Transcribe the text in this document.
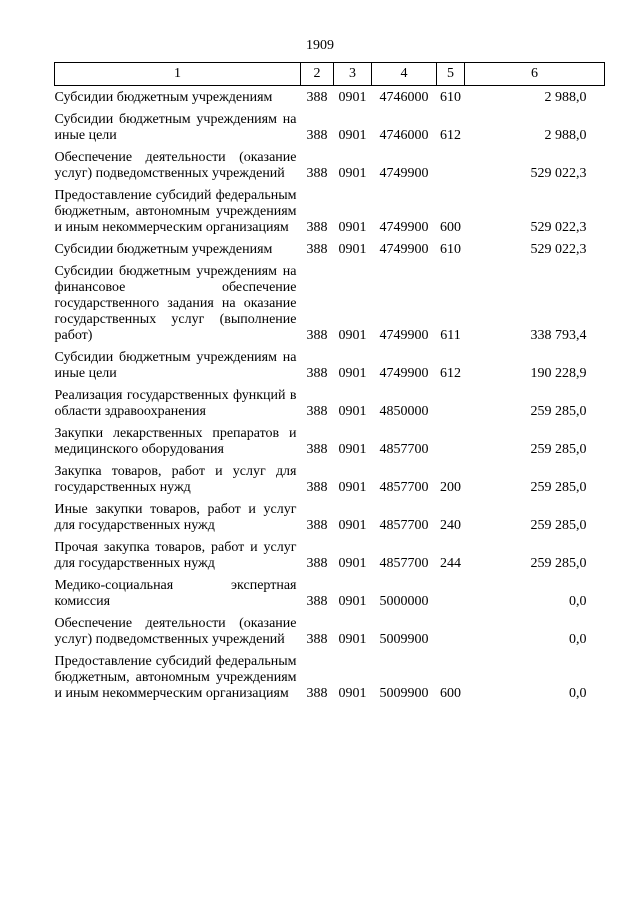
1909
1	2	3	4	5	6
Субсидии бюджетным учреждениям	388	0901	4746000	610	2 988,0
Субсидии бюджетным учреждениям на иные цели	388	0901	4746000	612	2 988,0
Обеспечение деятельности (оказание услуг) подведомственных учреждений	388	0901	4749900		529 022,3
Предоставление субсидий федеральным бюджетным, автономным учреждениям и иным некоммерческим организациям	388	0901	4749900	600	529 022,3
Субсидии бюджетным учреждениям	388	0901	4749900	610	529 022,3
Субсидии бюджетным учреждениям на финансовое обеспечение государственного задания на оказание государственных услуг (выполнение работ)	388	0901	4749900	611	338 793,4
Субсидии бюджетным учреждениям на иные цели	388	0901	4749900	612	190 228,9
Реализация государственных функций в области здравоохранения	388	0901	4850000		259 285,0
Закупки лекарственных препаратов и медицинского оборудования	388	0901	4857700		259 285,0
Закупка товаров, работ и услуг для государственных нужд	388	0901	4857700	200	259 285,0
Иные закупки товаров, работ и услуг для государственных нужд	388	0901	4857700	240	259 285,0
Прочая закупка товаров, работ и услуг для государственных нужд	388	0901	4857700	244	259 285,0
Медико-социальная экспертная комиссия	388	0901	5000000		0,0
Обеспечение деятельности (оказание услуг) подведомственных учреждений	388	0901	5009900		0,0
Предоставление субсидий федеральным бюджетным, автономным учреждениям и иным некоммерческим организациям	388	0901	5009900	600	0,0
